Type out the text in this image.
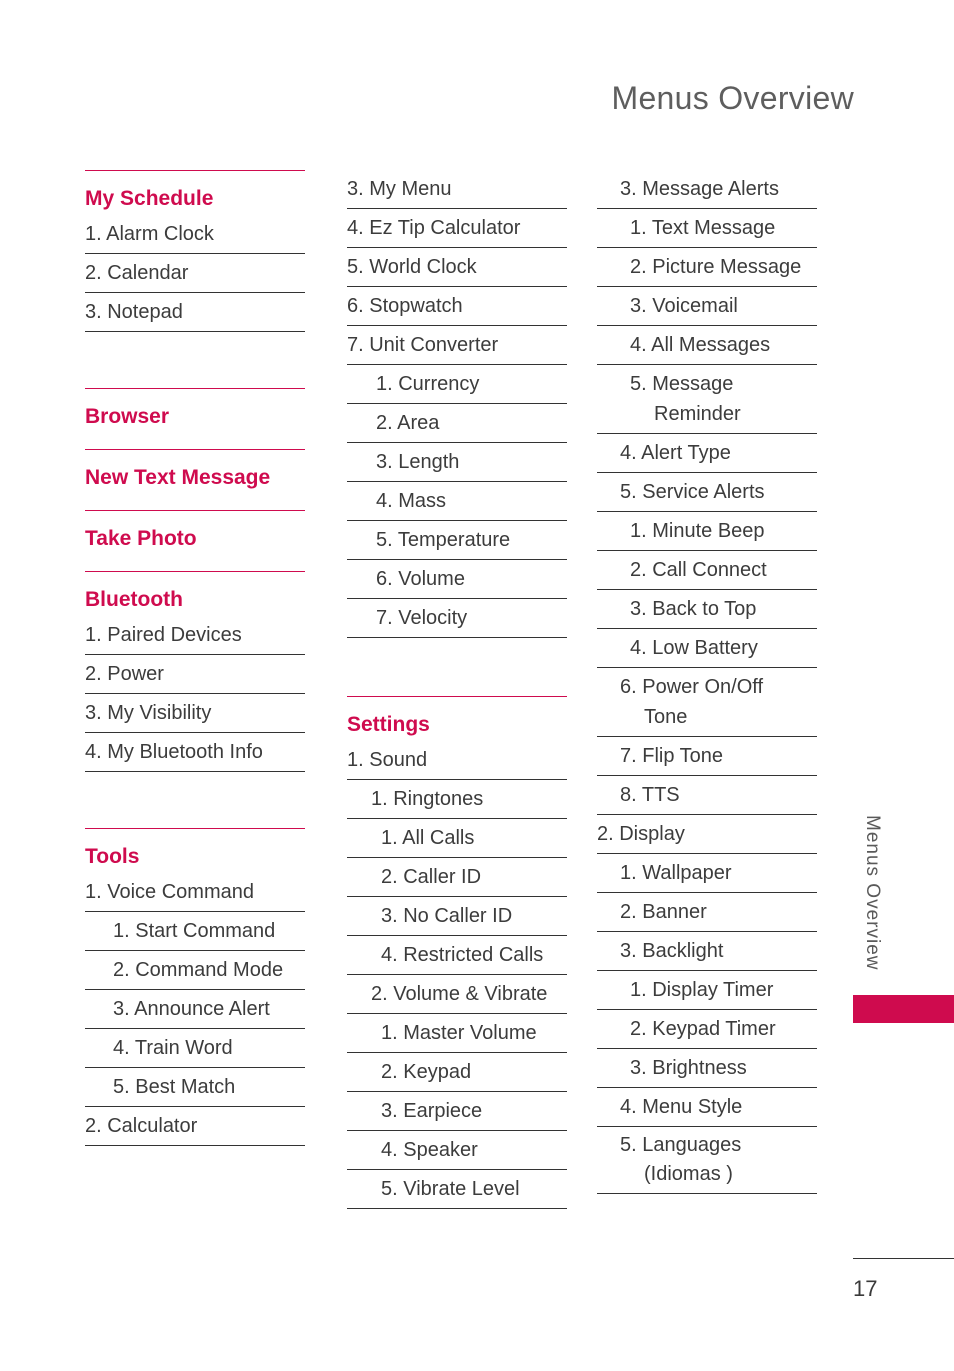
Menus Overview
My Schedule
1. Alarm Clock
2. Calendar
3. Notepad
Browser
New Text Message
Take Photo
Bluetooth
1. Paired Devices
2. Power
3. My Visibility
4. My Bluetooth Info
Tools
1. Voice Command
1. Start Command
2. Command Mode
3. Announce Alert
4. Train Word
5. Best Match
2. Calculator
3. My Menu
4. Ez Tip Calculator
5. World Clock
6. Stopwatch
7. Unit Converter
1. Currency
2. Area
3. Length
4. Mass
5. Temperature
6. Volume
7. Velocity
Settings
1. Sound
1. Ringtones
1. All Calls
2. Caller ID
3. No Caller ID
4. Restricted Calls
2. Volume & Vibrate
1. Master Volume
2. Keypad
3. Earpiece
4. Speaker
5. Vibrate Level
3. Message Alerts
1. Text Message
2. Picture Message
3. Voicemail
4. All Messages
5. Message
Reminder
4. Alert Type
5. Service Alerts
1. Minute Beep
2. Call Connect
3. Back to Top
4. Low Battery
6. Power On/Off
Tone
7. Flip Tone
8. TTS
2. Display
1. Wallpaper
2. Banner
3. Backlight
1. Display Timer
2. Keypad Timer
3. Brightness
4. Menu Style
5. Languages
(Idiomas )
Menus Overview
17
